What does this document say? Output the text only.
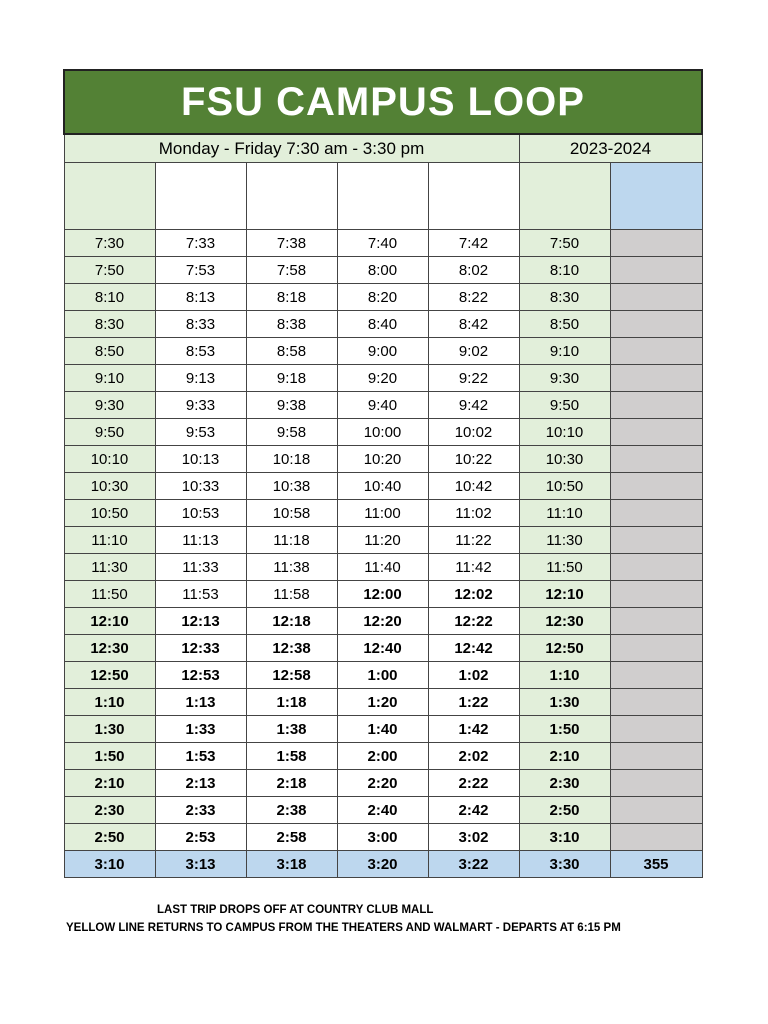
FSU CAMPUS LOOP						
Monday - Friday 7:30 am - 3:30 pm					2023-2024	

7:30	7:33	7:38	7:40	7:42	7:50	
7:50	7:53	7:58	8:00	8:02	8:10	
8:10	8:13	8:18	8:20	8:22	8:30	
8:30	8:33	8:38	8:40	8:42	8:50	
8:50	8:53	8:58	9:00	9:02	9:10	
9:10	9:13	9:18	9:20	9:22	9:30	
9:30	9:33	9:38	9:40	9:42	9:50	
9:50	9:53	9:58	10:00	10:02	10:10	
10:10	10:13	10:18	10:20	10:22	10:30	
10:30	10:33	10:38	10:40	10:42	10:50	
10:50	10:53	10:58	11:00	11:02	11:10	
11:10	11:13	11:18	11:20	11:22	11:30	
11:30	11:33	11:38	11:40	11:42	11:50	
11:50	11:53	11:58	12:00	12:02	12:10	
12:10	12:13	12:18	12:20	12:22	12:30	
12:30	12:33	12:38	12:40	12:42	12:50	
12:50	12:53	12:58	1:00	1:02	1:10	
1:10	1:13	1:18	1:20	1:22	1:30	
1:30	1:33	1:38	1:40	1:42	1:50	
1:50	1:53	1:58	2:00	2:02	2:10	
2:10	2:13	2:18	2:20	2:22	2:30	
2:30	2:33	2:38	2:40	2:42	2:50	
2:50	2:53	2:58	3:00	3:02	3:10	
3:10	3:13	3:18	3:20	3:22	3:30	355
LAST TRIP DROPS OFF AT COUNTRY CLUB MALL
YELLOW LINE RETURNS TO CAMPUS FROM THE THEATERS AND WALMART - DEPARTS AT 6:15 PM
